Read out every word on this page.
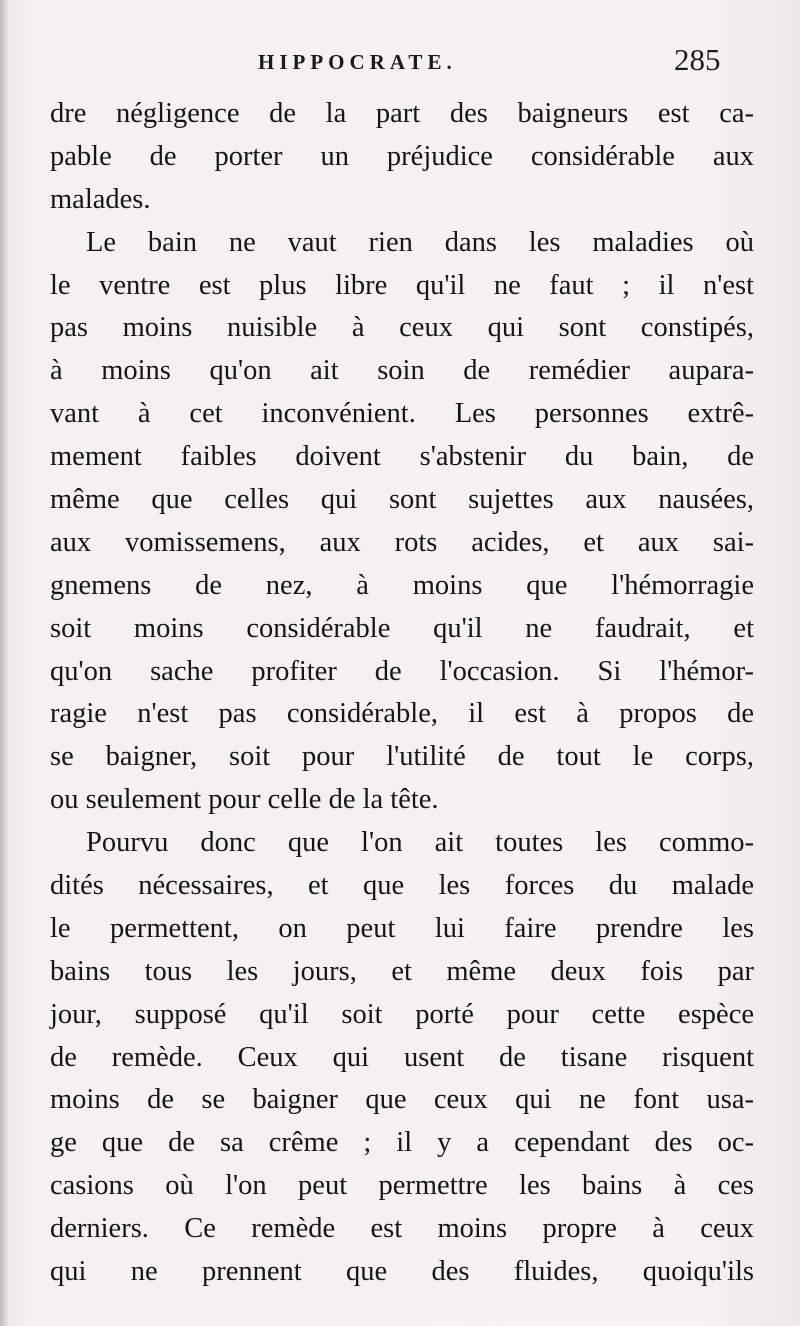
HIPPOCRATE.	285
dre négligence de la part des baigneurs est ca-
pable de porter un préjudice considérable aux
malades.
Le bain ne vaut rien dans les maladies où
le ventre est plus libre qu'il ne faut ; il n'est
pas moins nuisible à ceux qui sont constipés,
à moins qu'on ait soin de remédier aupara-
vant à cet inconvénient. Les personnes extrê-
mement faibles doivent s'abstenir du bain, de
même que celles qui sont sujettes aux nausées,
aux vomissemens, aux rots acides, et aux sai-
gnemens de nez, à moins que l'hémorragie
soit moins considérable qu'il ne faudrait, et
qu'on sache profiter de l'occasion. Si l'hémor-
ragie n'est pas considérable, il est à propos de
se baigner, soit pour l'utilité de tout le corps,
ou seulement pour celle de la tête.
Pourvu donc que l'on ait toutes les commo-
dités nécessaires, et que les forces du malade
le permettent, on peut lui faire prendre les
bains tous les jours, et même deux fois par
jour, supposé qu'il soit porté pour cette espèce
de remède. Ceux qui usent de tisane risquent
moins de se baigner que ceux qui ne font usa-
ge que de sa crême ; il y a cependant des oc-
casions où l'on peut permettre les bains à ces
derniers. Ce remède est moins propre à ceux
qui ne prennent que des fluides, quoiqu'ils
